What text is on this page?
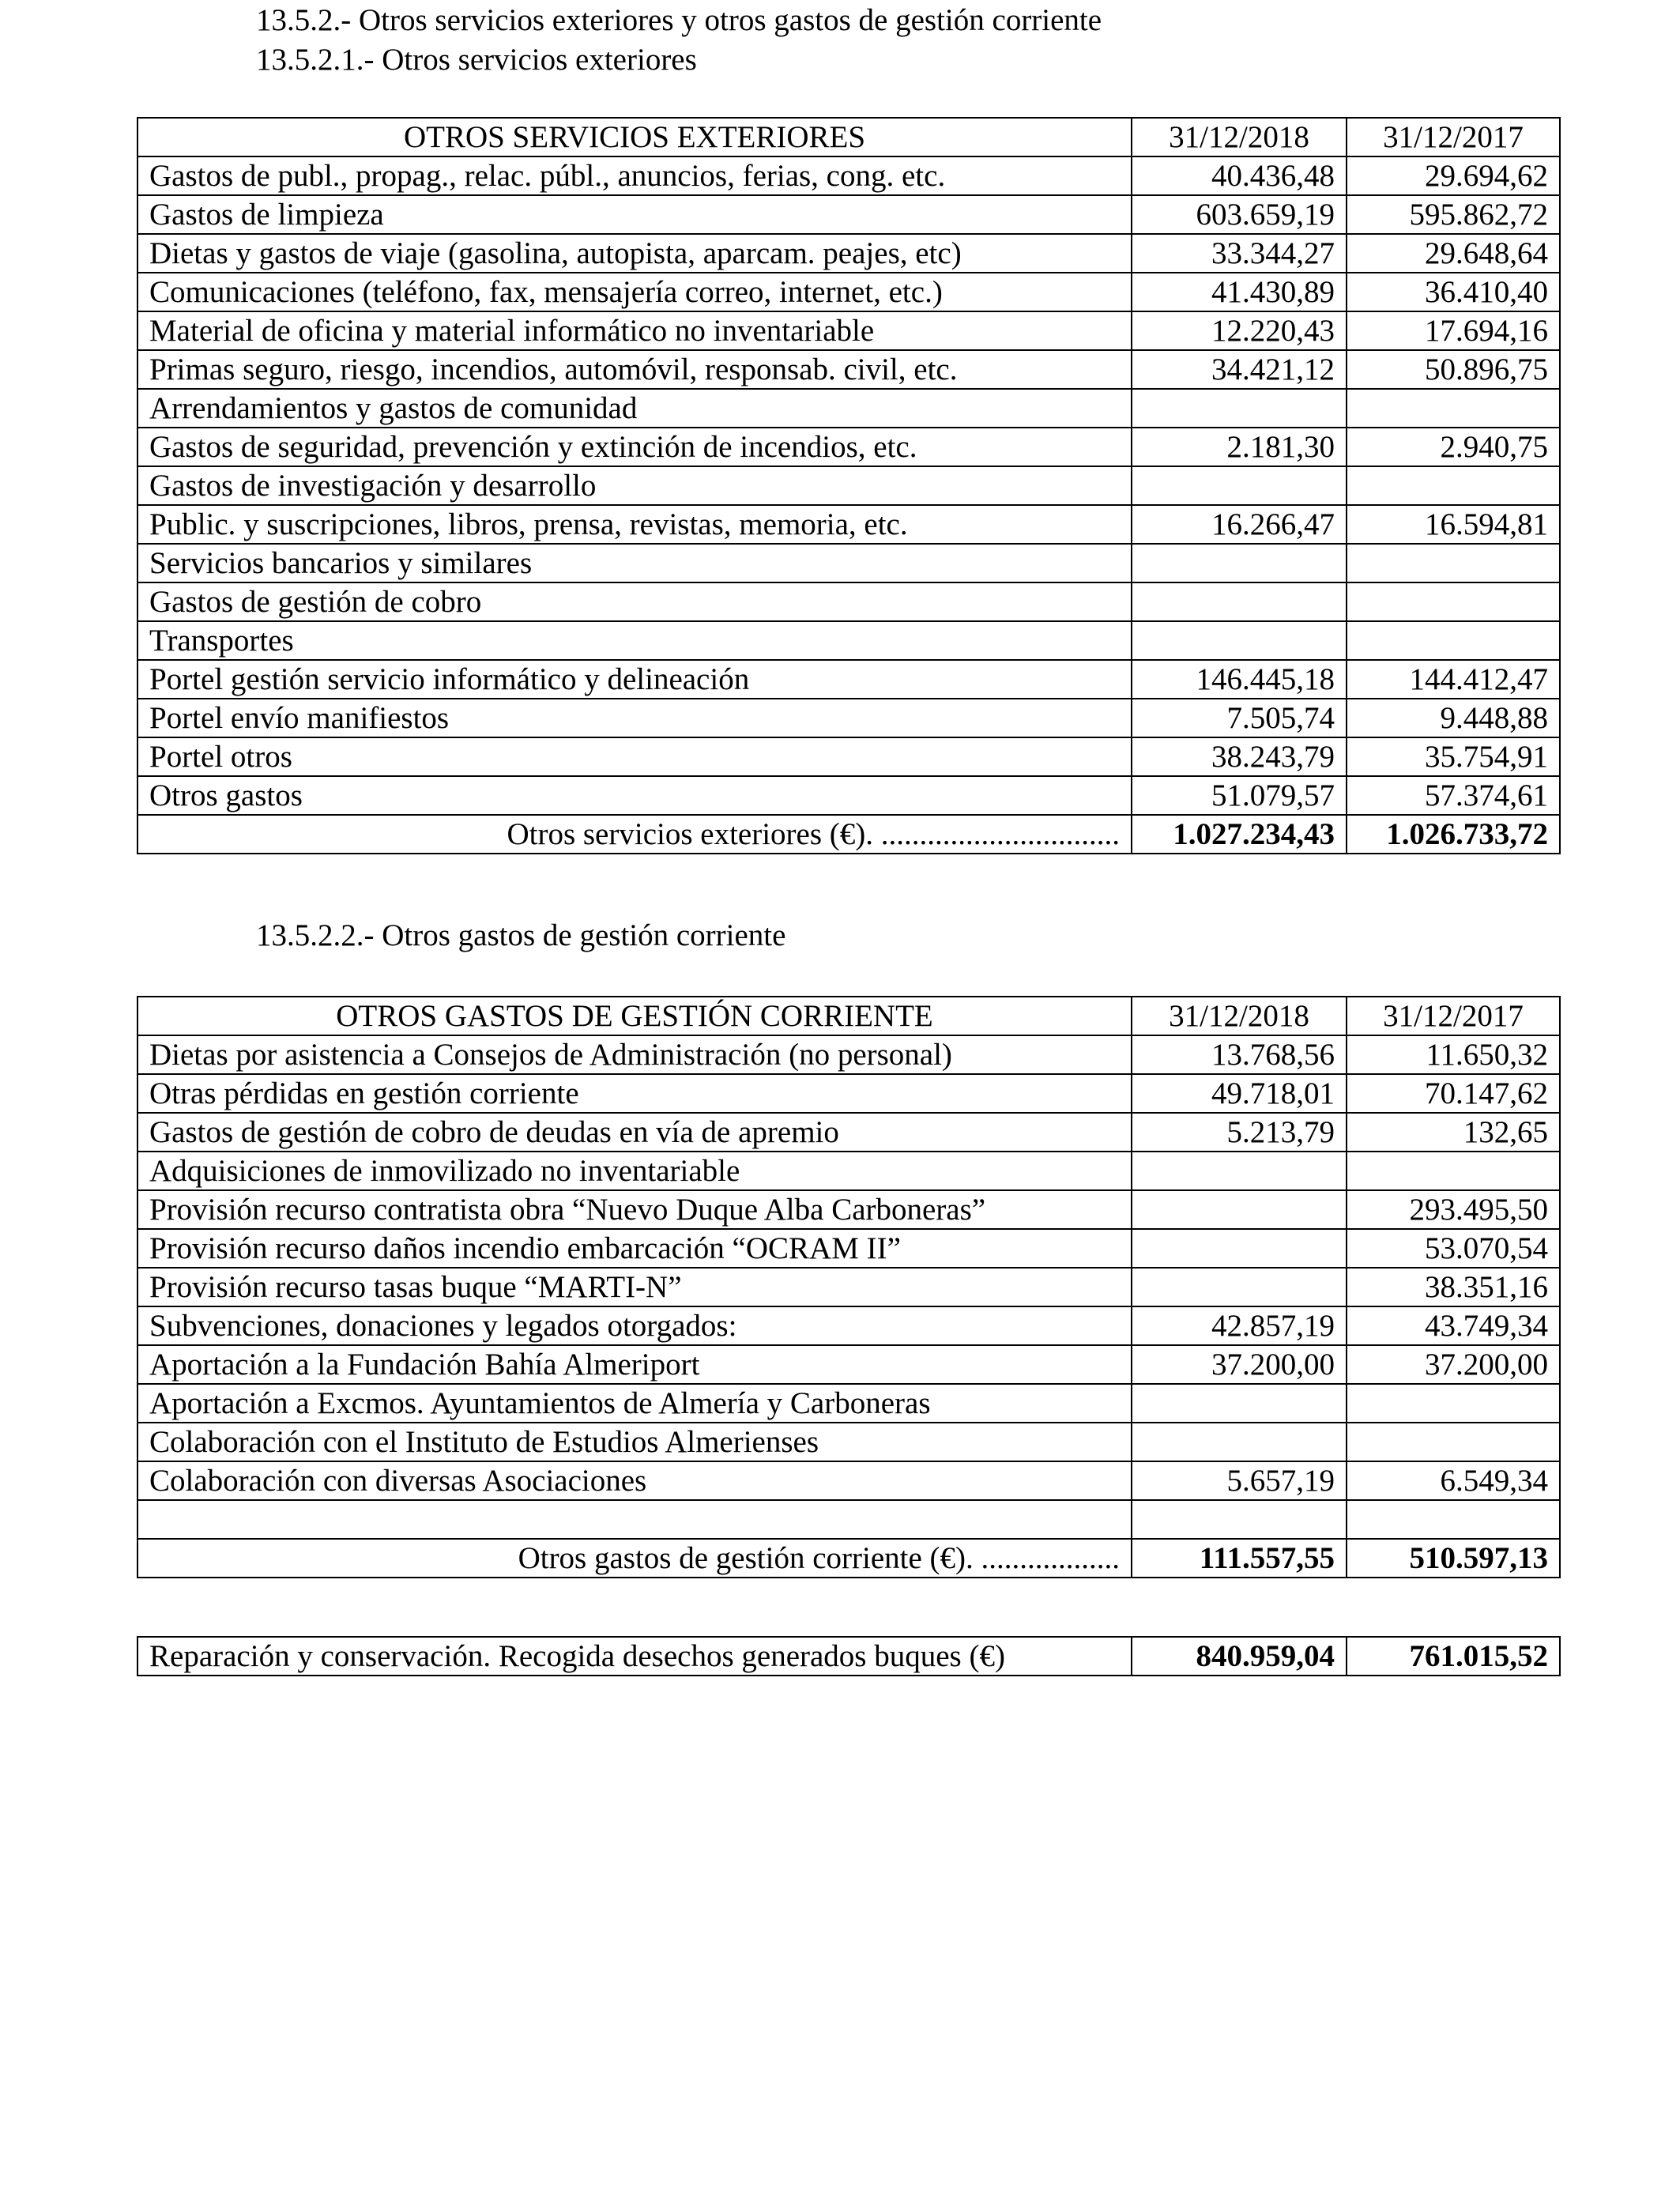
13.5.2.- Otros servicios exteriores y otros gastos de gestión corriente
13.5.2.1.- Otros servicios exteriores
OTROS SERVICIOS EXTERIORES	31/12/2018	31/12/2017
Gastos de publ., propag., relac. públ., anuncios, ferias, cong. etc.	40.436,48	29.694,62
Gastos de limpieza	603.659,19	595.862,72
Dietas y gastos de viaje (gasolina, autopista, aparcam. peajes, etc)	33.344,27	29.648,64
Comunicaciones (teléfono, fax, mensajería correo, internet, etc.)	41.430,89	36.410,40
Material de oficina y material informático no inventariable	12.220,43	17.694,16
Primas seguro, riesgo, incendios, automóvil, responsab. civil, etc.	34.421,12	50.896,75
Arrendamientos y gastos de comunidad		
Gastos de seguridad, prevención y extinción de incendios, etc.	2.181,30	2.940,75
Gastos de investigación y desarrollo		
Public. y suscripciones, libros, prensa, revistas, memoria, etc.	16.266,47	16.594,81
Servicios bancarios y similares		
Gastos de gestión de cobro		
Transportes		
Portel gestión servicio informático y delineación	146.445,18	144.412,47
Portel envío manifiestos	7.505,74	9.448,88
Portel otros	38.243,79	35.754,91
Otros gastos	51.079,57	57.374,61
Otros servicios exteriores (€). ...............................	1.027.234,43	1.026.733,72
13.5.2.2.- Otros gastos de gestión corriente
OTROS GASTOS DE GESTIÓN CORRIENTE	31/12/2018	31/12/2017
Dietas por asistencia a Consejos de Administración (no personal)	13.768,56	11.650,32
Otras pérdidas en gestión corriente	49.718,01	70.147,62
Gastos de gestión de cobro de deudas en vía de apremio	5.213,79	132,65
Adquisiciones de inmovilizado no inventariable		
Provisión recurso contratista obra “Nuevo Duque Alba Carboneras”		293.495,50
Provisión recurso daños incendio embarcación “OCRAM II”		53.070,54
Provisión recurso tasas buque “MARTI-N”		38.351,16
Subvenciones, donaciones y legados otorgados:	42.857,19	43.749,34
Aportación a la Fundación Bahía Almeriport	37.200,00	37.200,00
Aportación a Excmos. Ayuntamientos de Almería y Carboneras		
Colaboración con el Instituto de Estudios Almerienses		
Colaboración con diversas Asociaciones	5.657,19	6.549,34

Otros gastos de gestión corriente (€). ..................	111.557,55	510.597,13
Reparación y conservación. Recogida desechos generados buques (€)	840.959,04	761.015,52
